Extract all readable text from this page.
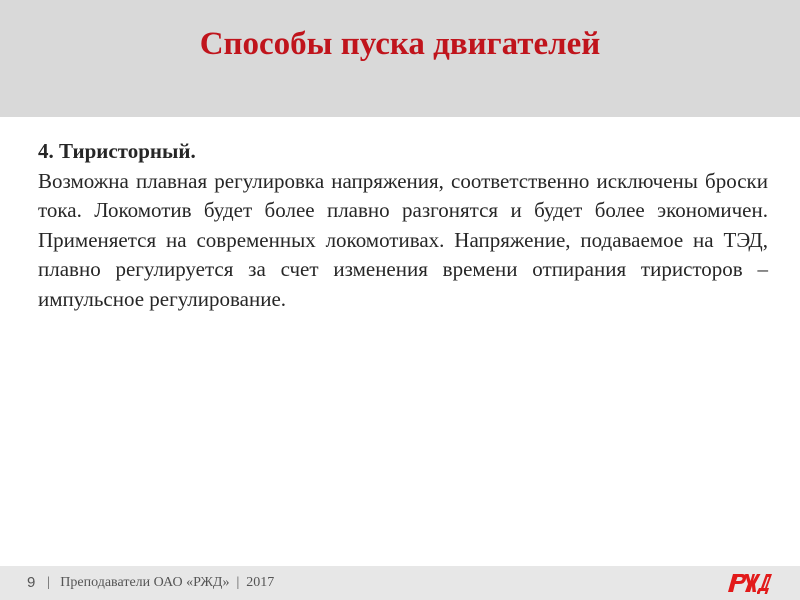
Способы пуска двигателей
4. Тиристорный.
Возможна плавная регулировка напряжения, соответственно исключены броски тока. Локомотив будет более плавно разгонятся и будет более экономичен. Применяется на современных локомотивах. Напряжение, подаваемое на ТЭД, плавно регулируется за счет изменения времени отпирания тиристоров – импульсное регулирование.
9 |   Преподаватели ОАО «РЖД»  |  2017
